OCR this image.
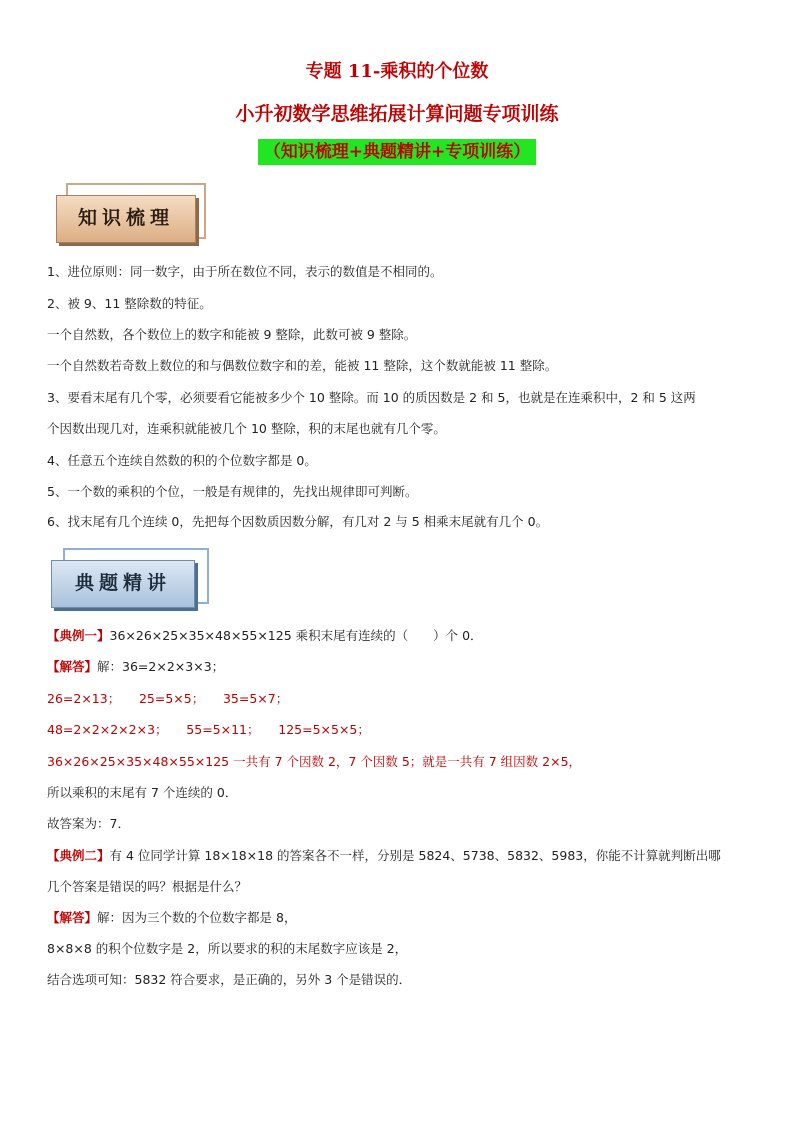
专题 11-乘积的个位数
小升初数学思维拓展计算问题专项训练
（知识梳理+典题精讲+专项训练）
知识梳理
1、进位原则：同一数字，由于所在数位不同，表示的数值是不相同的。
2、被 9、11 整除数的特征。
一个自然数，各个数位上的数字和能被 9 整除，此数可被 9 整除。
一个自然数若奇数上数位的和与偶数位数字和的差，能被 11 整除，这个数就能被 11 整除。
3、要看末尾有几个零，必须要看它能被多少个 10 整除。而 10 的质因数是 2 和 5，也就是在连乘积中，2 和 5 这两
个因数出现几对，连乘积就能被几个 10 整除，积的末尾也就有几个零。
4、任意五个连续自然数的积的个位数字都是 0。
5、一个数的乘积的个位，一般是有规律的，先找出规律即可判断。
6、找末尾有几个连续 0，先把每个因数质因数分解，有几对 2 与 5 相乘末尾就有几个 0。
典题精讲
【典例一】36×26×25×35×48×55×125 乘积末尾有连续的（　　）个 0．
【解答】解：36=2×2×3×3；
26=2×13；　　25=5×5；　　35=5×7；
48=2×2×2×2×3；　　55=5×11；　　125=5×5×5；
36×26×25×35×48×55×125 一共有 7 个因数 2，7 个因数 5；就是一共有 7 组因数 2×5，
所以乘积的末尾有 7 个连续的 0．
故答案为：7．
【典例二】有 4 位同学计算 18×18×18 的答案各不一样，分别是 5824、5738、5832、5983，你能不计算就判断出哪
几个答案是错误的吗？根据是什么？
【解答】解：因为三个数的个位数字都是 8，
8×8×8 的积个位数字是 2，所以要求的积的末尾数字应该是 2，
结合选项可知：5832 符合要求，是正确的，另外 3 个是错误的．
